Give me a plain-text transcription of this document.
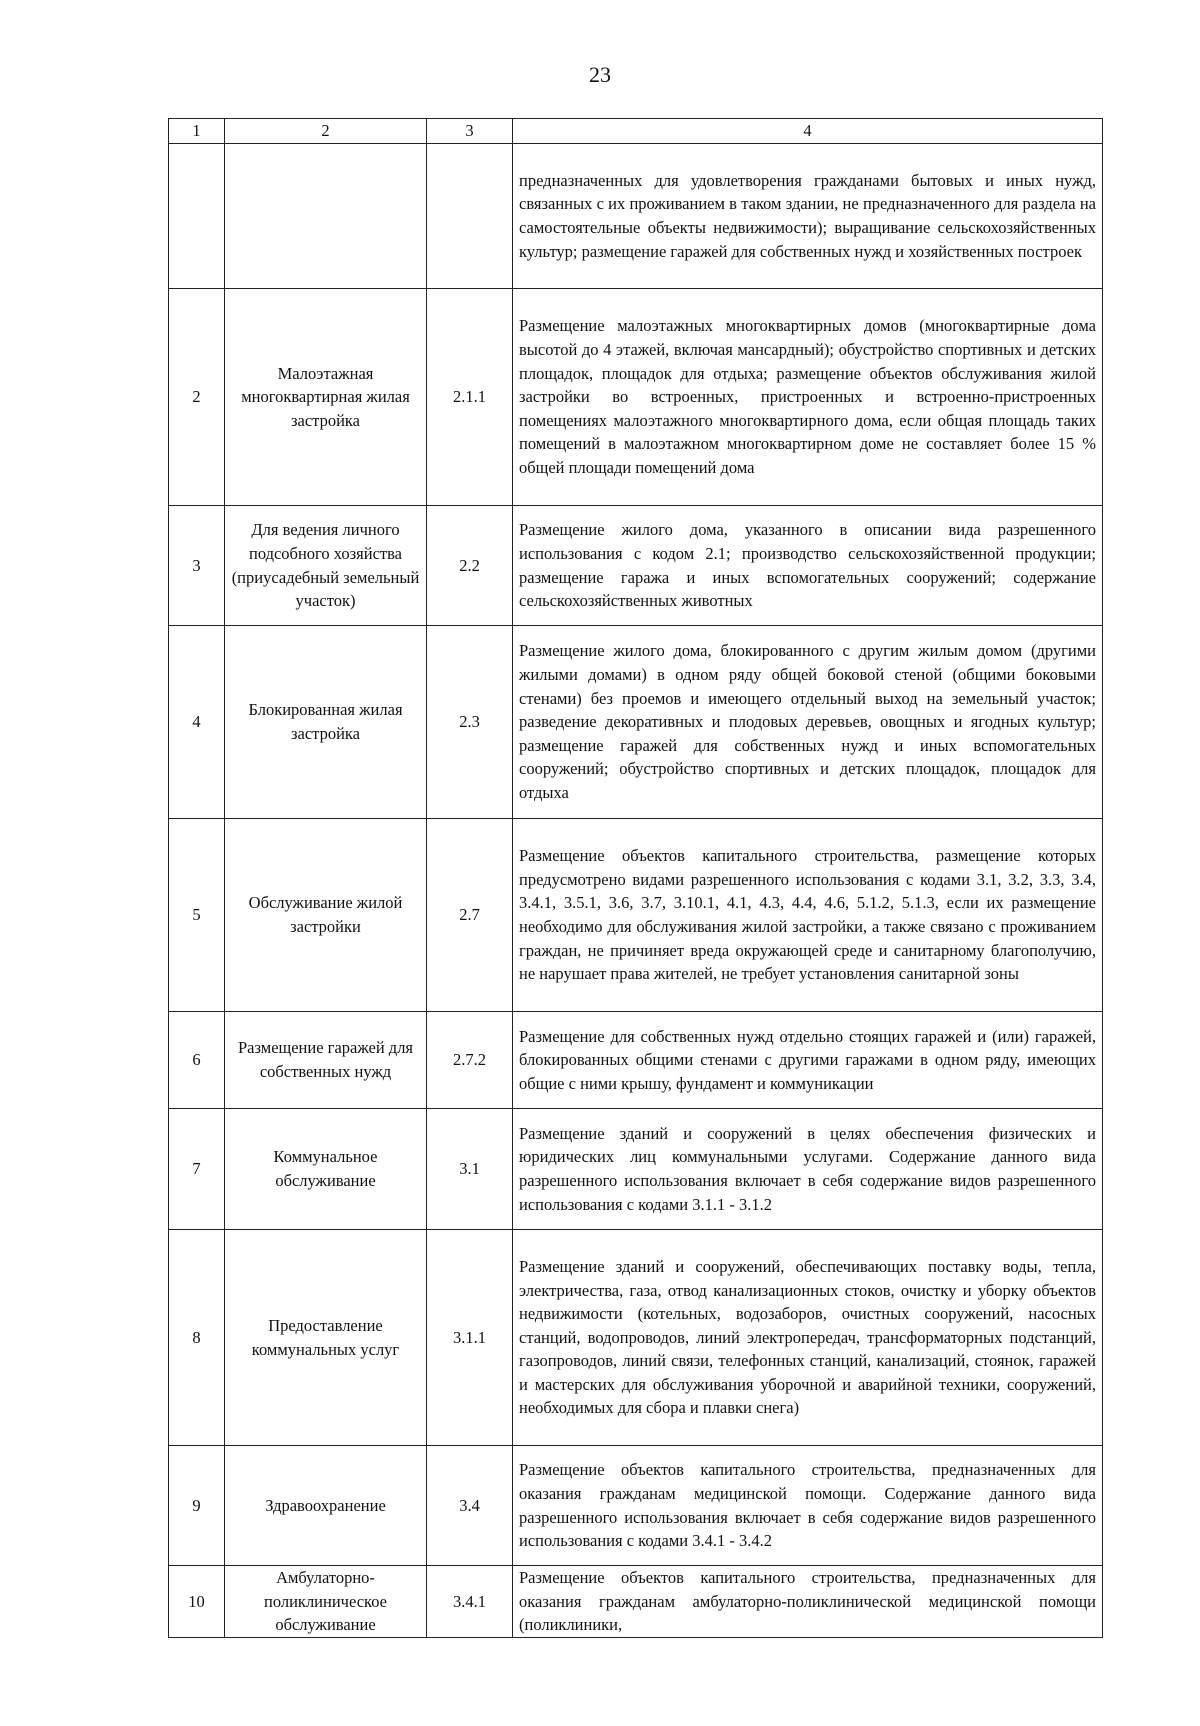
23
1	2	3	4
			предназначенных для удовлетворения гражданами бытовых и иных нужд, связанных с их проживанием в таком здании, не предназначенного для раздела на самостоятельные объекты недвижимости); выращивание сельскохозяйственных культур; размещение гаражей для собственных нужд и хозяйственных построек
2	Малоэтажная многоквартирная жилая застройка	2.1.1	Размещение малоэтажных многоквартирных домов (многоквартирные дома высотой до 4 этажей, включая мансардный); обустройство спортивных и детских площадок, площадок для отдыха; размещение объектов обслуживания жилой застройки во встроенных, пристроенных и встроенно-пристроенных помещениях малоэтажного многоквартирного дома, если общая площадь таких помещений в малоэтажном многоквартирном доме не составляет более 15 % общей площади помещений дома
3	Для ведения личного подсобного хозяйства (приусадебный земельный участок)	2.2	Размещение жилого дома, указанного в описании вида разрешенного использования с кодом 2.1; производство сельскохозяйственной продукции; размещение гаража и иных вспомогательных сооружений; содержание сельскохозяйственных животных
4	Блокированная жилая застройка	2.3	Размещение жилого дома, блокированного с другим жилым домом (другими жилыми домами) в одном ряду общей боковой стеной (общими боковыми стенами) без проемов и имеющего отдельный выход на земельный участок; разведение декоративных и плодовых деревьев, овощных и ягодных культур; размещение гаражей для собственных нужд и иных вспомогательных сооружений; обустройство спортивных и детских площадок, площадок для отдыха
5	Обслуживание жилой застройки	2.7	Размещение объектов капитального строительства, размещение которых предусмотрено видами разрешенного использования с кодами 3.1, 3.2, 3.3, 3.4, 3.4.1, 3.5.1, 3.6, 3.7, 3.10.1, 4.1, 4.3, 4.4, 4.6, 5.1.2, 5.1.3, если их размещение необходимо для обслуживания жилой застройки, а также связано с проживанием граждан, не причиняет вреда окружающей среде и санитарному благополучию, не нарушает права жителей, не требует установления санитарной зоны
6	Размещение гаражей для собственных нужд	2.7.2	Размещение для собственных нужд отдельно стоящих гаражей и (или) гаражей, блокированных общими стенами с другими гаражами в одном ряду, имеющих общие с ними крышу, фундамент и коммуникации
7	Коммунальное обслуживание	3.1	Размещение зданий и сооружений в целях обеспечения физических и юридических лиц коммунальными услугами. Содержание данного вида разрешенного использования включает в себя содержание видов разрешенного использования с кодами 3.1.1 - 3.1.2
8	Предоставление коммунальных услуг	3.1.1	Размещение зданий и сооружений, обеспечивающих поставку воды, тепла, электричества, газа, отвод канализационных стоков, очистку и уборку объектов недвижимости (котельных, водозаборов, очистных сооружений, насосных станций, водопроводов, линий электропередач, трансформаторных подстанций, газопроводов, линий связи, телефонных станций, канализаций, стоянок, гаражей и мастерских для обслуживания уборочной и аварийной техники, сооружений, необходимых для сбора и плавки снега)
9	Здравоохранение	3.4	Размещение объектов капитального строительства, предназначенных для оказания гражданам медицинской помощи. Содержание данного вида разрешенного использования включает в себя содержание видов разрешенного использования с кодами 3.4.1 - 3.4.2
10	Амбулаторно-поликлиническое обслуживание	3.4.1	Размещение объектов капитального строительства, предназначенных для оказания гражданам амбулаторно-поликлинической медицинской помощи (поликлиники,
